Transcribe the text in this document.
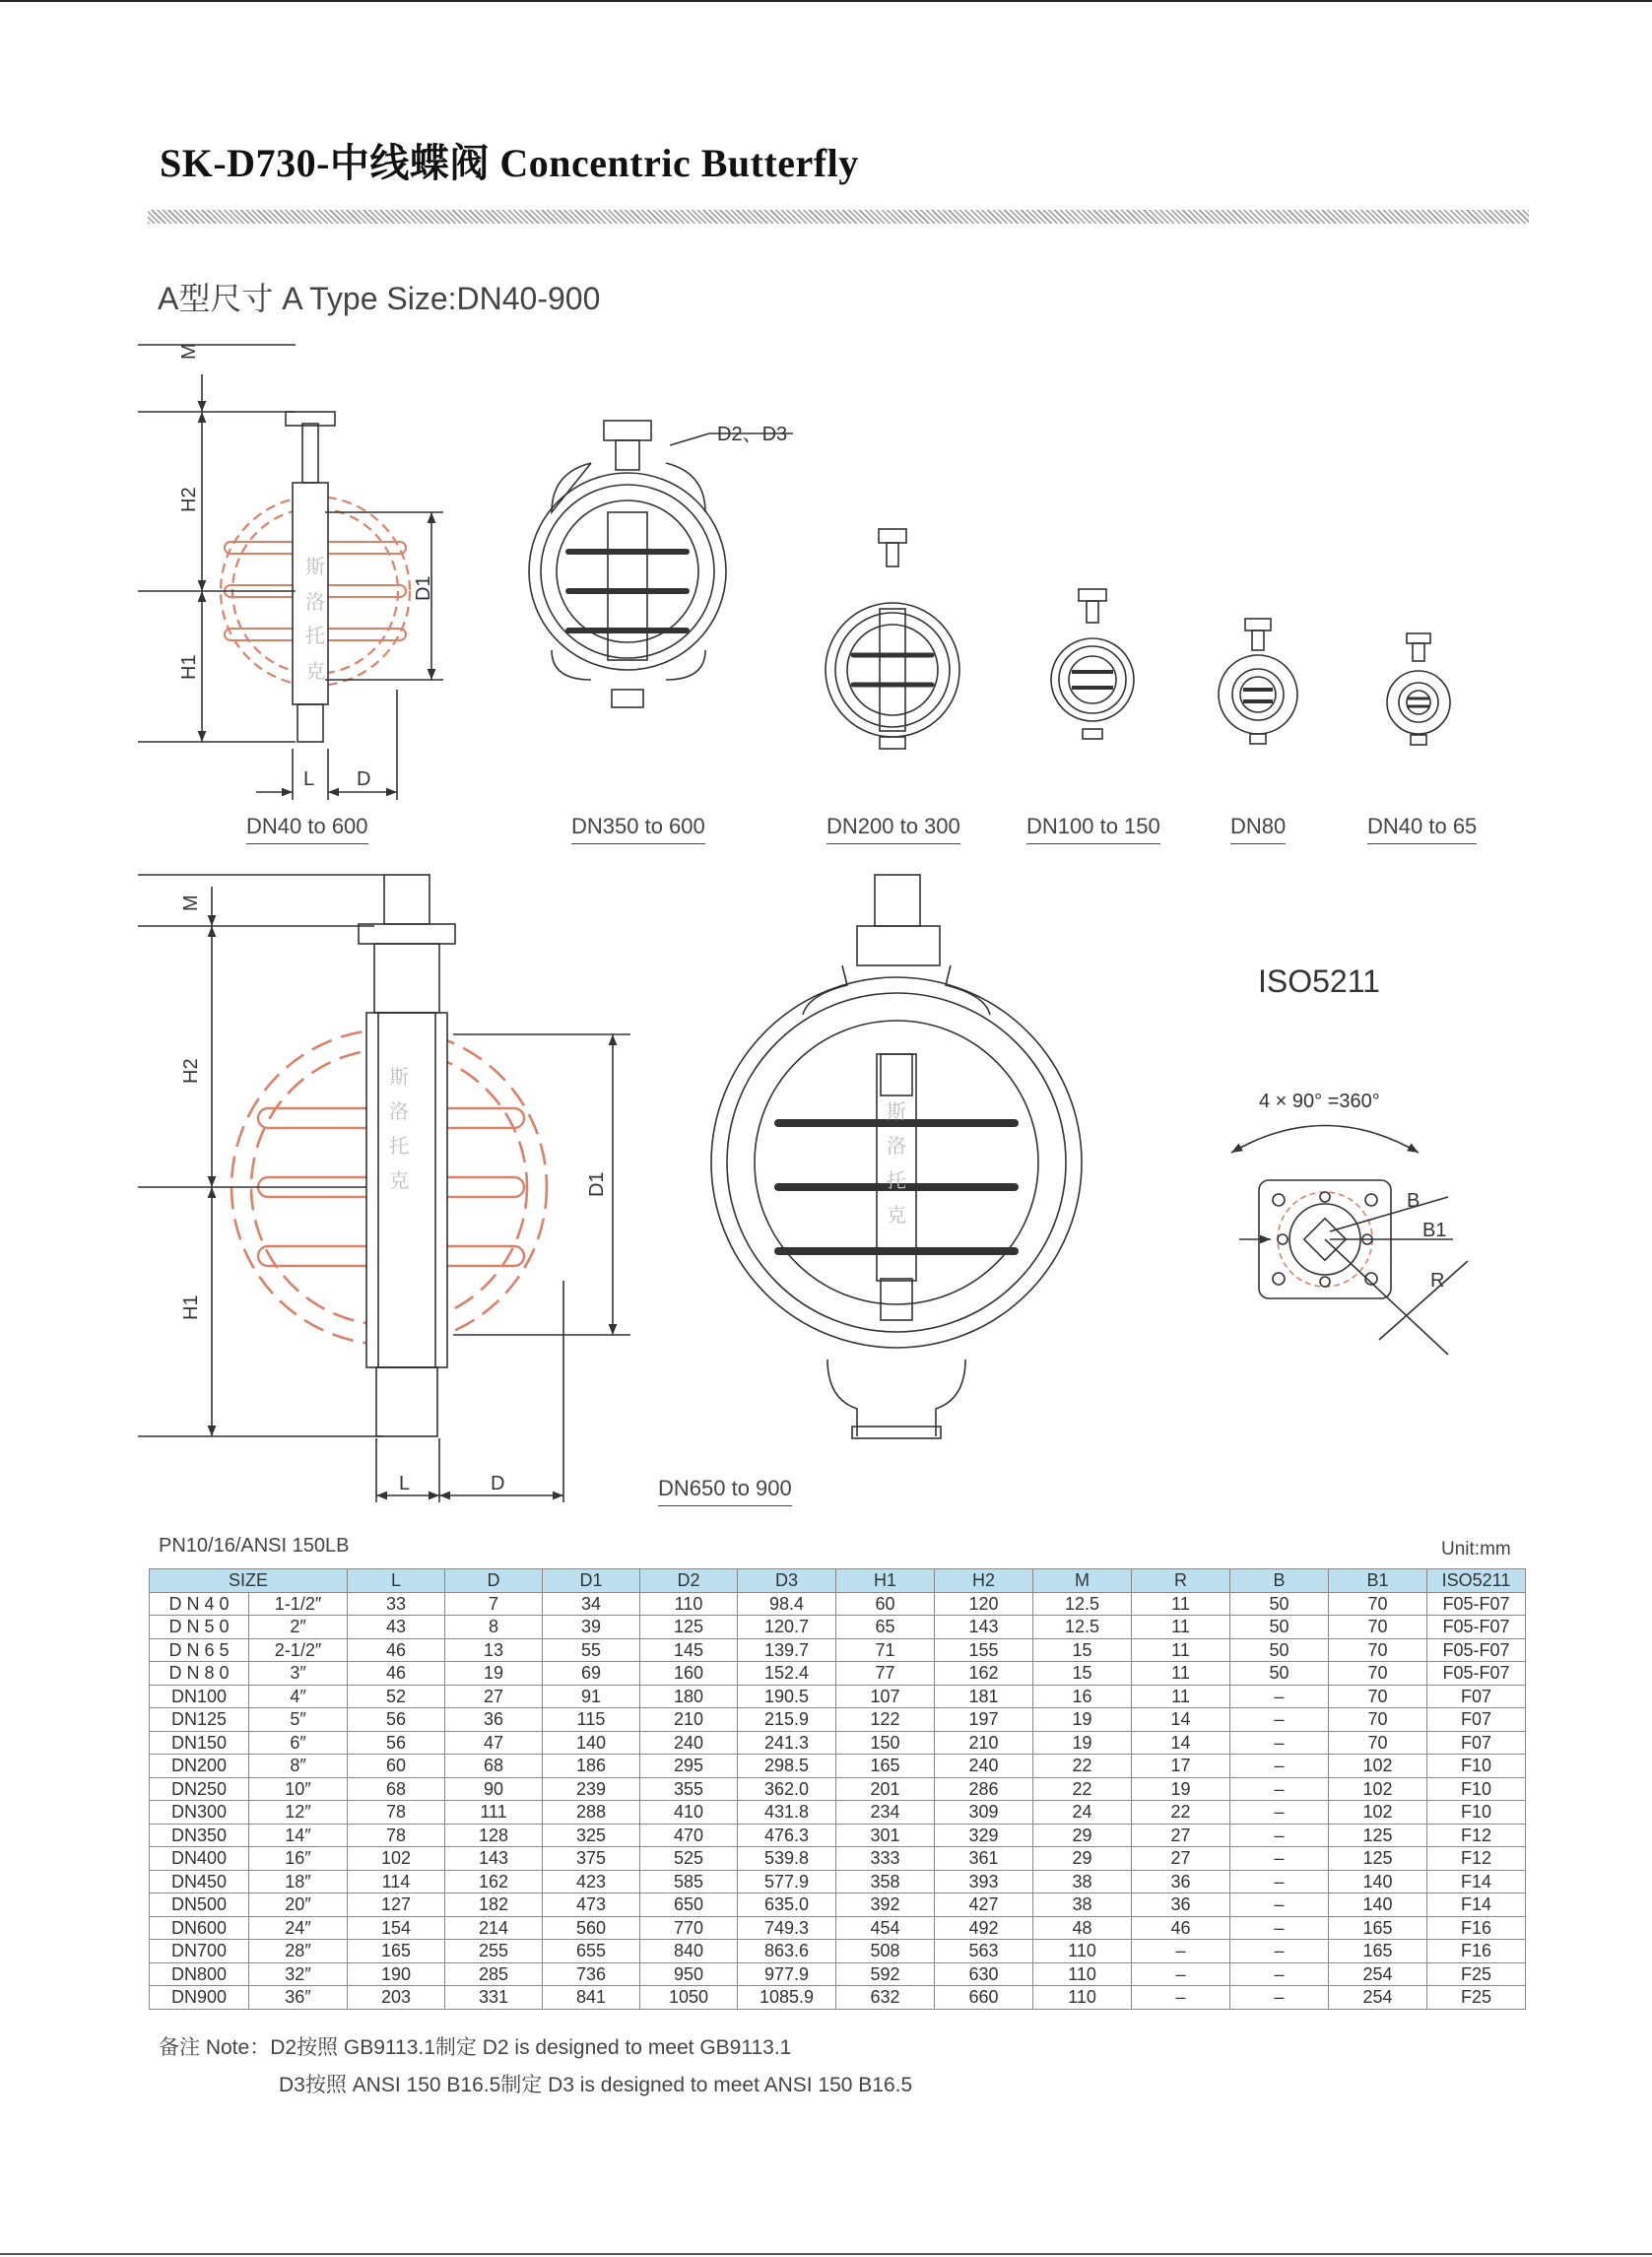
SK-D730-中线蝶阀 Concentric Butterfly
A型尺寸 A Type Size:DN40-900
M
H2
H1
D1
L D
D2、D3
M
H2
H1
D1
L	D
4 × 90° =360°
B
B1
R
斯
洛
托
克
斯
洛
托
克
斯
洛
托
克
DN40 to 600	DN350 to 600	DN200 to 300	DN100 to 150	DN80	DN40 to 65
DN650 to 900
ISO5211
PN10/16/ANSI 150LB	Unit:mm
SIZE		L	D	D1	D2	D3	H1	H2	M	R	B	B1	ISO5211
D N 4 0	1-1/2″	33	7	34	110	98.4	60	120	12.5	11	50	70	F05-F07
D N 5 0	2″	43	8	39	125	120.7	65	143	12.5	11	50	70	F05-F07
D N 6 5	2-1/2″	46	13	55	145	139.7	71	155	15	11	50	70	F05-F07
D N 8 0	3″	46	19	69	160	152.4	77	162	15	11	50	70	F05-F07
DN100	4″	52	27	91	180	190.5	107	181	16	11	–	70	F07
DN125	5″	56	36	115	210	215.9	122	197	19	14	–	70	F07
DN150	6″	56	47	140	240	241.3	150	210	19	14	–	70	F07
DN200	8″	60	68	186	295	298.5	165	240	22	17	–	102	F10
DN250	10″	68	90	239	355	362.0	201	286	22	19	–	102	F10
DN300	12″	78	111	288	410	431.8	234	309	24	22	–	102	F10
DN350	14″	78	128	325	470	476.3	301	329	29	27	–	125	F12
DN400	16″	102	143	375	525	539.8	333	361	29	27	–	125	F12
DN450	18″	114	162	423	585	577.9	358	393	38	36	–	140	F14
DN500	20″	127	182	473	650	635.0	392	427	38	36	–	140	F14
DN600	24″	154	214	560	770	749.3	454	492	48	46	–	165	F16
DN700	28″	165	255	655	840	863.6	508	563	110	–	–	165	F16
DN800	32″	190	285	736	950	977.9	592	630	110	–	–	254	F25
DN900	36″	203	331	841	1050	1085.9	632	660	110	–	–	254	F25
备注 Note：D2按照 GB9113.1制定 D2 is designed to meet GB9113.1
D3按照 ANSI 150 B16.5制定 D3 is designed to meet ANSI 150 B16.5
